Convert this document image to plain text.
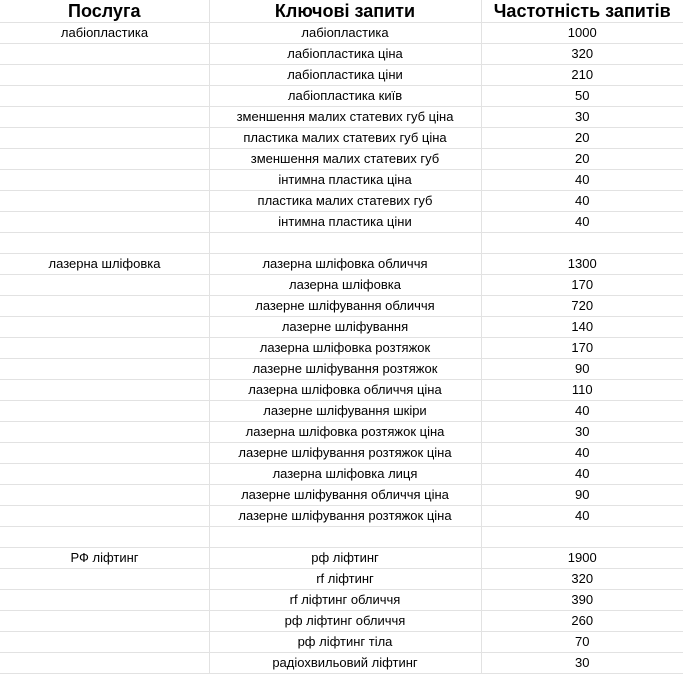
Послуга	Ключові запити	Частотність запитів

лабіопластика	лабіопластика	1000

	лабіопластика ціна	320

	лабіопластика ціни	210

	лабіопластика київ	50

	зменшення малих статевих губ ціна	30

	пластика малих статевих губ ціна	20

	зменшення малих статевих губ	20

	інтимна пластика ціна	40

	пластика малих статевих губ	40

	інтимна пластика ціни	40

лазерна шліфовка	лазерна шліфовка обличчя	1300

	лазерна шліфовка	170

	лазерне шліфування обличчя	720

	лазерне шліфування	140

	лазерна шліфовка розтяжок	170

	лазерне шліфування розтяжок	90

	лазерна шліфовка обличчя ціна	110

	лазерне шліфування шкіри	40

	лазерна шліфовка розтяжок ціна	30

	лазерне шліфування розтяжок ціна	40

	лазерна шліфовка лиця	40

	лазерне шліфування обличчя ціна	90

	лазерне шліфування розтяжок ціна	40

РФ ліфтинг	рф ліфтинг	1900

	rf ліфтинг	320

	rf ліфтинг обличчя	390

	рф ліфтинг обличчя	260

	рф ліфтинг тіла	70

	радіохвильовий ліфтинг	30
